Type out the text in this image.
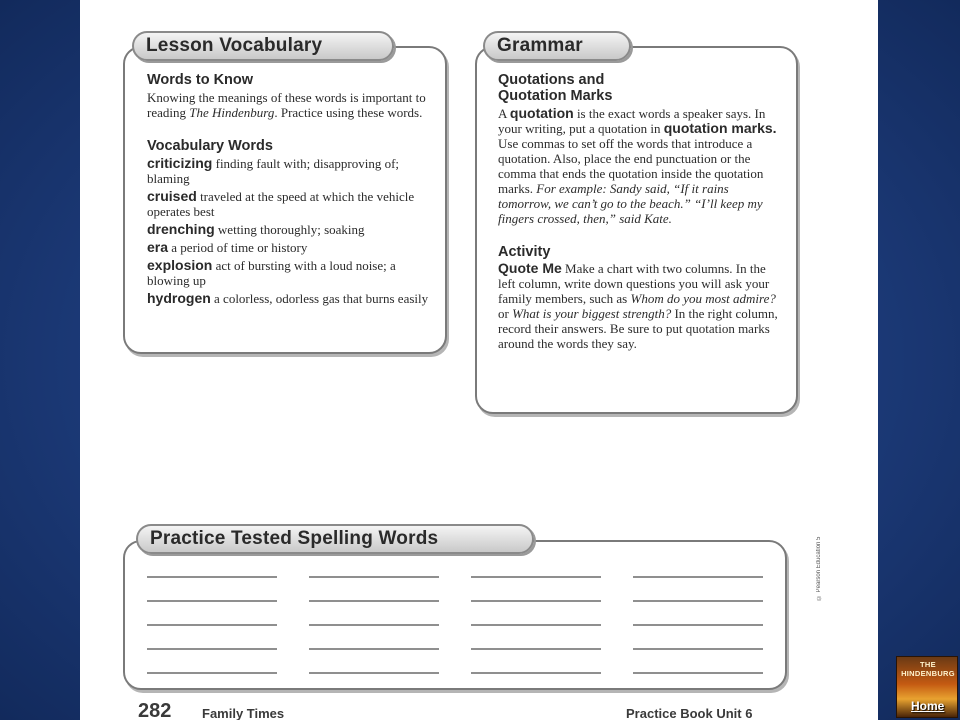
Lesson Vocabulary
Words to Know
Knowing the meanings of these words is important to reading The Hindenburg. Practice using these words.
Vocabulary Words
criticizing finding fault with; disapproving of; blaming
cruised traveled at the speed at which the vehicle operates best
drenching wetting thoroughly; soaking
era a period of time or history
explosion act of bursting with a loud noise; a blowing up
hydrogen a colorless, odorless gas that burns easily
Grammar
Quotations and
Quotation Marks
A quotation is the exact words a speaker says. In your writing, put a quotation in quotation marks. Use commas to set off the words that introduce a quotation. Also, place the end punctuation or the comma that ends the quotation inside the quotation marks. For example: Sandy said, “If it rains tomorrow, we can’t go to the beach.” “I’ll keep my fingers crossed, then,” said Kate.
Activity
Quote Me Make a chart with two columns. In the left column, write down questions you will ask your family members, such as Whom do you most admire? or What is your biggest strength? In the right column, record their answers. Be sure to put quotation marks around the words they say.
Practice Tested Spelling Words	© Pearson Education 5
282 Family Times	Practice Book Unit 6
THE HINDENBURG
Home
